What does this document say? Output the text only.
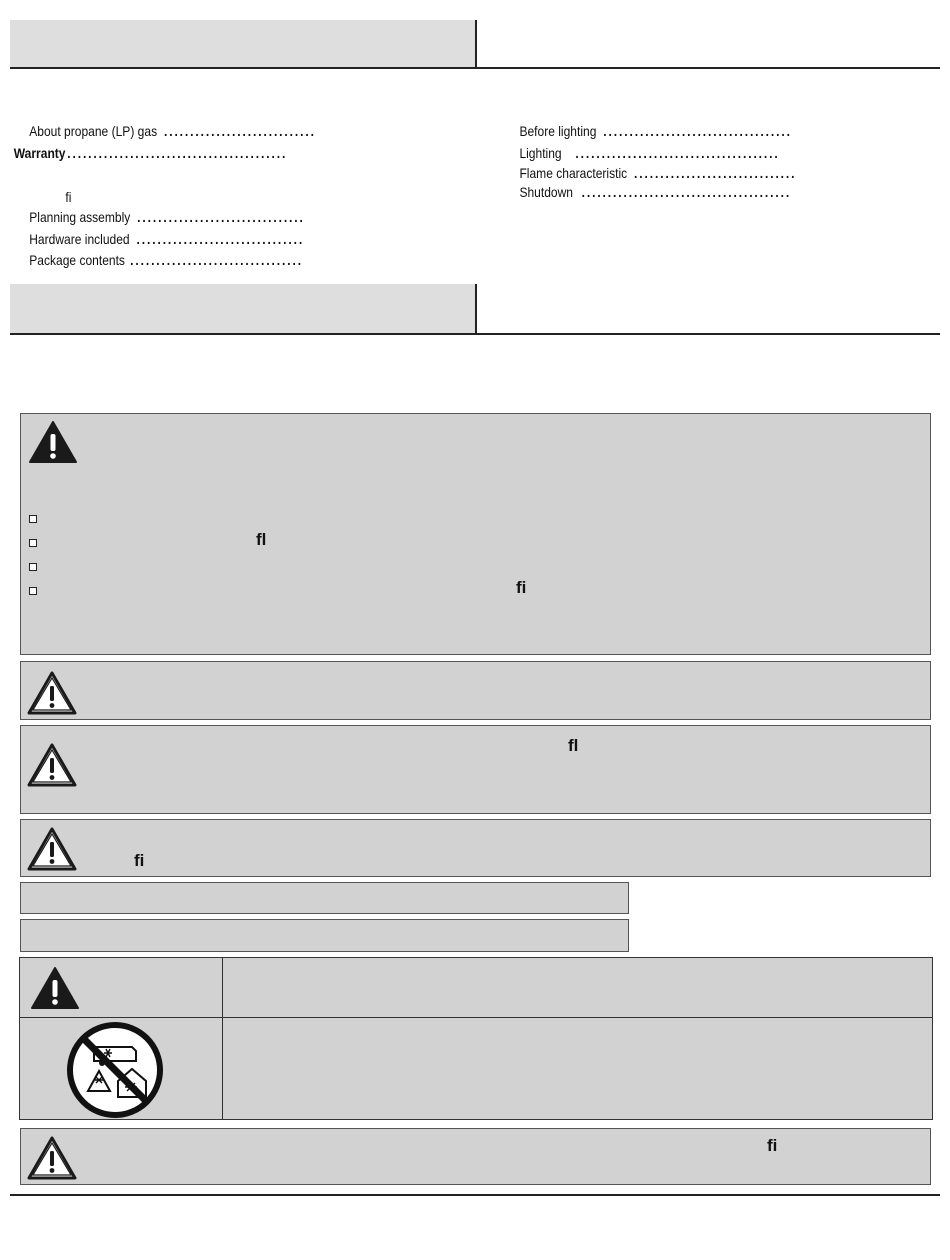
About propane (LP) gas .............................
Warranty ..........................................
fi
Planning assembly ................................
Hardware included ................................
Package contents .................................
Before lighting ....................................
Lighting .......................................
Flame characteristic ...............................
Shutdown ........................................
fl
fi
fl
fi
fi
